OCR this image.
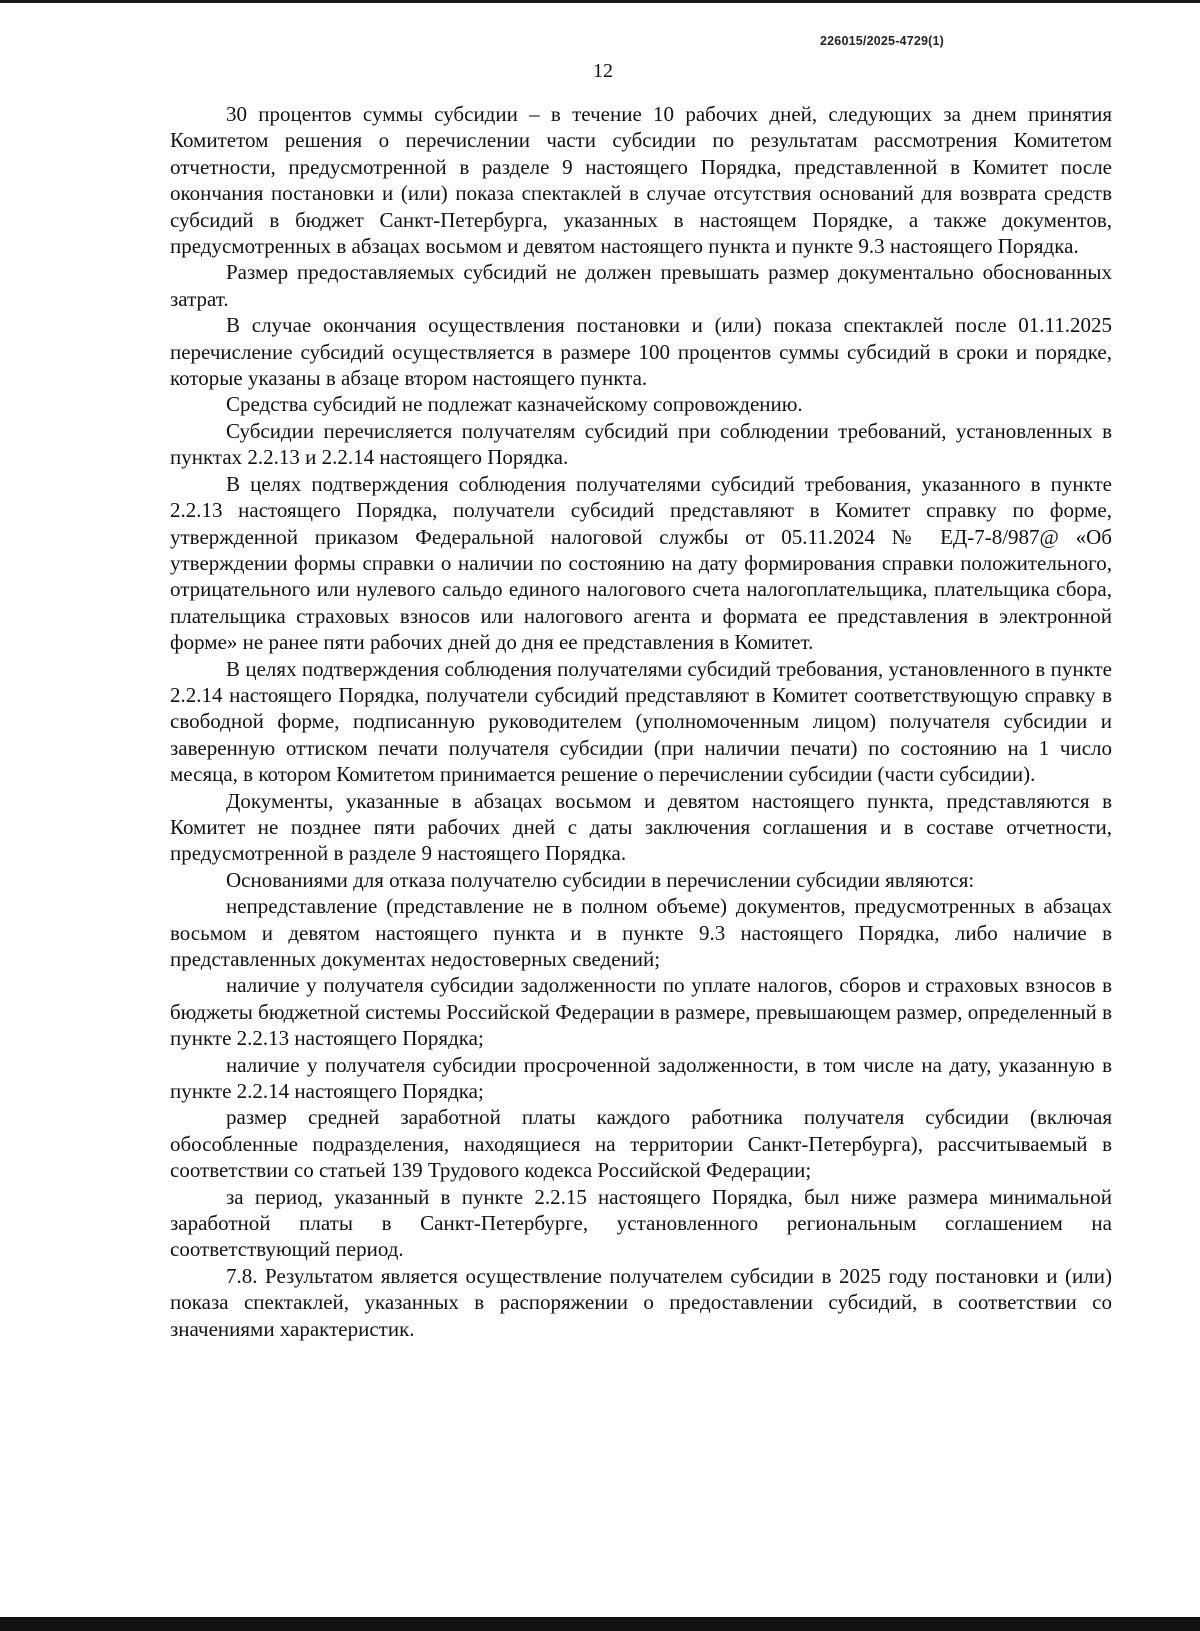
226015/2025-4729(1)
12

30 процентов суммы субсидии – в течение 10 рабочих дней, следующих за днем принятия Комитетом решения о перечислении части субсидии по результатам рассмотрения Комитетом отчетности, предусмотренной в разделе 9 настоящего Порядка, представленной в Комитет после окончания постановки и (или) показа спектаклей в случае отсутствия оснований для возврата средств субсидий в бюджет Санкт-Петербурга, указанных в настоящем Порядке, а также документов, предусмотренных в абзацах восьмом и девятом настоящего пункта и пункте 9.3 настоящего Порядка.

Размер предоставляемых субсидий не должен превышать размер документально обоснованных затрат.

В случае окончания осуществления постановки и (или) показа спектаклей после 01.11.2025 перечисление субсидий осуществляется в размере 100 процентов суммы субсидий в сроки и порядке, которые указаны в абзаце втором настоящего пункта.

Средства субсидий не подлежат казначейскому сопровождению.

Субсидии перечисляется получателям субсидий при соблюдении требований, установленных в пунктах 2.2.13 и 2.2.14 настоящего Порядка.

В целях подтверждения соблюдения получателями субсидий требования, указанного в пункте 2.2.13 настоящего Порядка, получатели субсидий представляют в Комитет справку по форме, утвержденной приказом Федеральной налоговой службы от 05.11.2024 № ЕД-7-8/987@ «Об утверждении формы справки о наличии по состоянию на дату формирования справки положительного, отрицательного или нулевого сальдо единого налогового счета налогоплательщика, плательщика сбора, плательщика страховых взносов или налогового агента и формата ее представления в электронной форме» не ранее пяти рабочих дней до дня ее представления в Комитет.

В целях подтверждения соблюдения получателями субсидий требования, установленного в пункте 2.2.14 настоящего Порядка, получатели субсидий представляют в Комитет соответствующую справку в свободной форме, подписанную руководителем (уполномоченным лицом) получателя субсидии и заверенную оттиском печати получателя субсидии (при наличии печати) по состоянию на 1 число месяца, в котором Комитетом принимается решение о перечислении субсидии (части субсидии).

Документы, указанные в абзацах восьмом и девятом настоящего пункта, представляются в Комитет не позднее пяти рабочих дней с даты заключения соглашения и в составе отчетности, предусмотренной в разделе 9 настоящего Порядка.

Основаниями для отказа получателю субсидии в перечислении субсидии являются:

непредставление (представление не в полном объеме) документов, предусмотренных в абзацах восьмом и девятом настоящего пункта и в пункте 9.3 настоящего Порядка, либо наличие в представленных документах недостоверных сведений;

наличие у получателя субсидии задолженности по уплате налогов, сборов и страховых взносов в бюджеты бюджетной системы Российской Федерации в размере, превышающем размер, определенный в пункте 2.2.13 настоящего Порядка;

наличие у получателя субсидии просроченной задолженности, в том числе на дату, указанную в пункте 2.2.14 настоящего Порядка;

размер средней заработной платы каждого работника получателя субсидии (включая обособленные подразделения, находящиеся на территории Санкт-Петербурга), рассчитываемый в соответствии со статьей 139 Трудового кодекса Российской Федерации;

за период, указанный в пункте 2.2.15 настоящего Порядка, был ниже размера минимальной заработной платы в Санкт-Петербурге, установленного региональным соглашением на соответствующий период.

7.8. Результатом является осуществление получателем субсидии в 2025 году постановки и (или) показа спектаклей, указанных в распоряжении о предоставлении субсидий, в соответствии со значениями характеристик.
